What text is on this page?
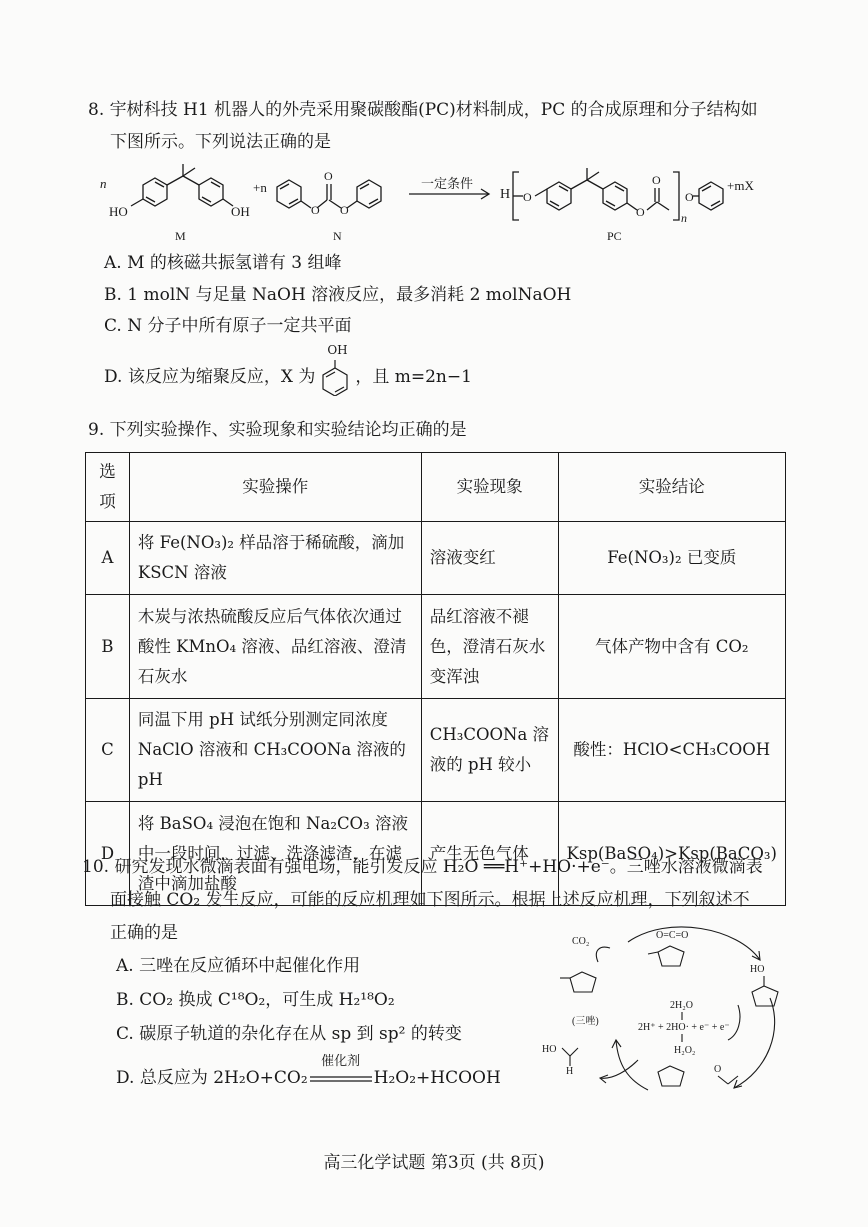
8. 宇树科技 H1 机器人的外壳采用聚碳酸酯(PC)材料制成，PC 的合成原理和分子结构如
下图所示。下列说法正确的是
n
HO	OH
+n
O
O
O
一定条件
H O
O
O
n
O
+mX
M	N	PC
A. M 的核磁共振氢谱有 3 组峰
B. 1 molN 与足量 NaOH 溶液反应，最多消耗 2 molNaOH
C. N 分子中所有原子一定共平面
D. 该反应为缩聚反应，X 为
OH
，且 m=2n−1
9. 下列实验操作、实验现象和实验结论均正确的是
选项	实验操作	实验现象	实验结论
A	将 Fe(NO₃)₂ 样品溶于稀硫酸，滴加 KSCN 溶液	溶液变红	Fe(NO₃)₂ 已变质
B	木炭与浓热硫酸反应后气体依次通过酸性 KMnO₄ 溶液、品红溶液、澄清石灰水	品红溶液不褪色，澄清石灰水变浑浊	气体产物中含有 CO₂
C	同温下用 pH 试纸分别测定同浓度 NaClO 溶液和 CH₃COONa 溶液的 pH	CH₃COONa 溶液的 pH 较小	酸性：HClO<CH₃COOH
D	将 BaSO₄ 浸泡在饱和 Na₂CO₃ 溶液中一段时间，过滤、洗涤滤渣，在滤渣中滴加盐酸	产生无色气体	Ksp(BaSO₄)>Ksp(BaCO₃)
10. 研究发现水微滴表面有强电场，能引发反应 H₂O ══H⁺+HO·+e⁻。三唑水溶液微滴表
面接触 CO₂ 发生反应，可能的反应机理如下图所示。根据上述反应机理，下列叙述不
正确的是
A. 三唑在反应循环中起催化作用
B. CO₂ 换成 C¹⁸O₂，可生成 H₂¹⁸O₂
C. 碳原子轨道的杂化存在从 sp 到 sp² 的转变
D. 总反应为 2H₂O+CO₂
催化剂
H₂O₂+HCOOH
CO₂
O=C=O
(三唑)
2H₂O
2H⁺ + 2HO· + e⁻ + e⁻
H₂O₂
HO
H
HO
O
高三化学试题 第3页 (共 8页)
